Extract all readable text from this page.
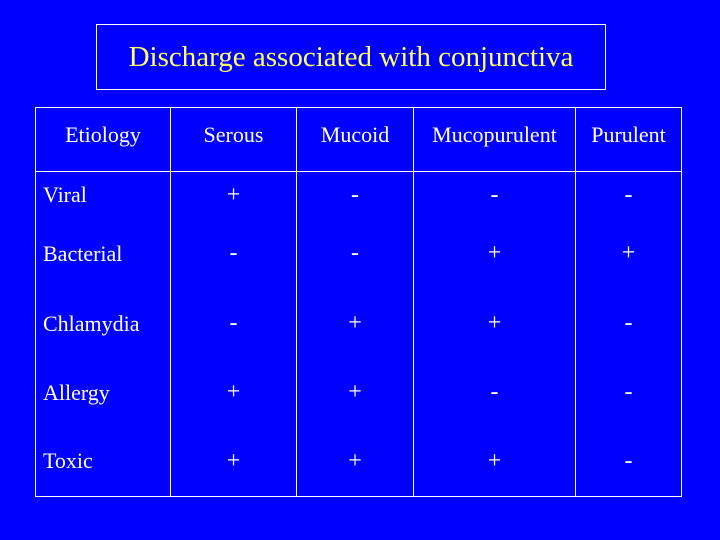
Discharge associated with conjunctiva
Etiology	Serous	Mucoid	Mucopurulent	Purulent
Viral	+	-	-	-
Bacterial	-	-	+	+
Chlamydia	-	+	+	-
Allergy	+	+	-	-
Toxic	+	+	+	-
